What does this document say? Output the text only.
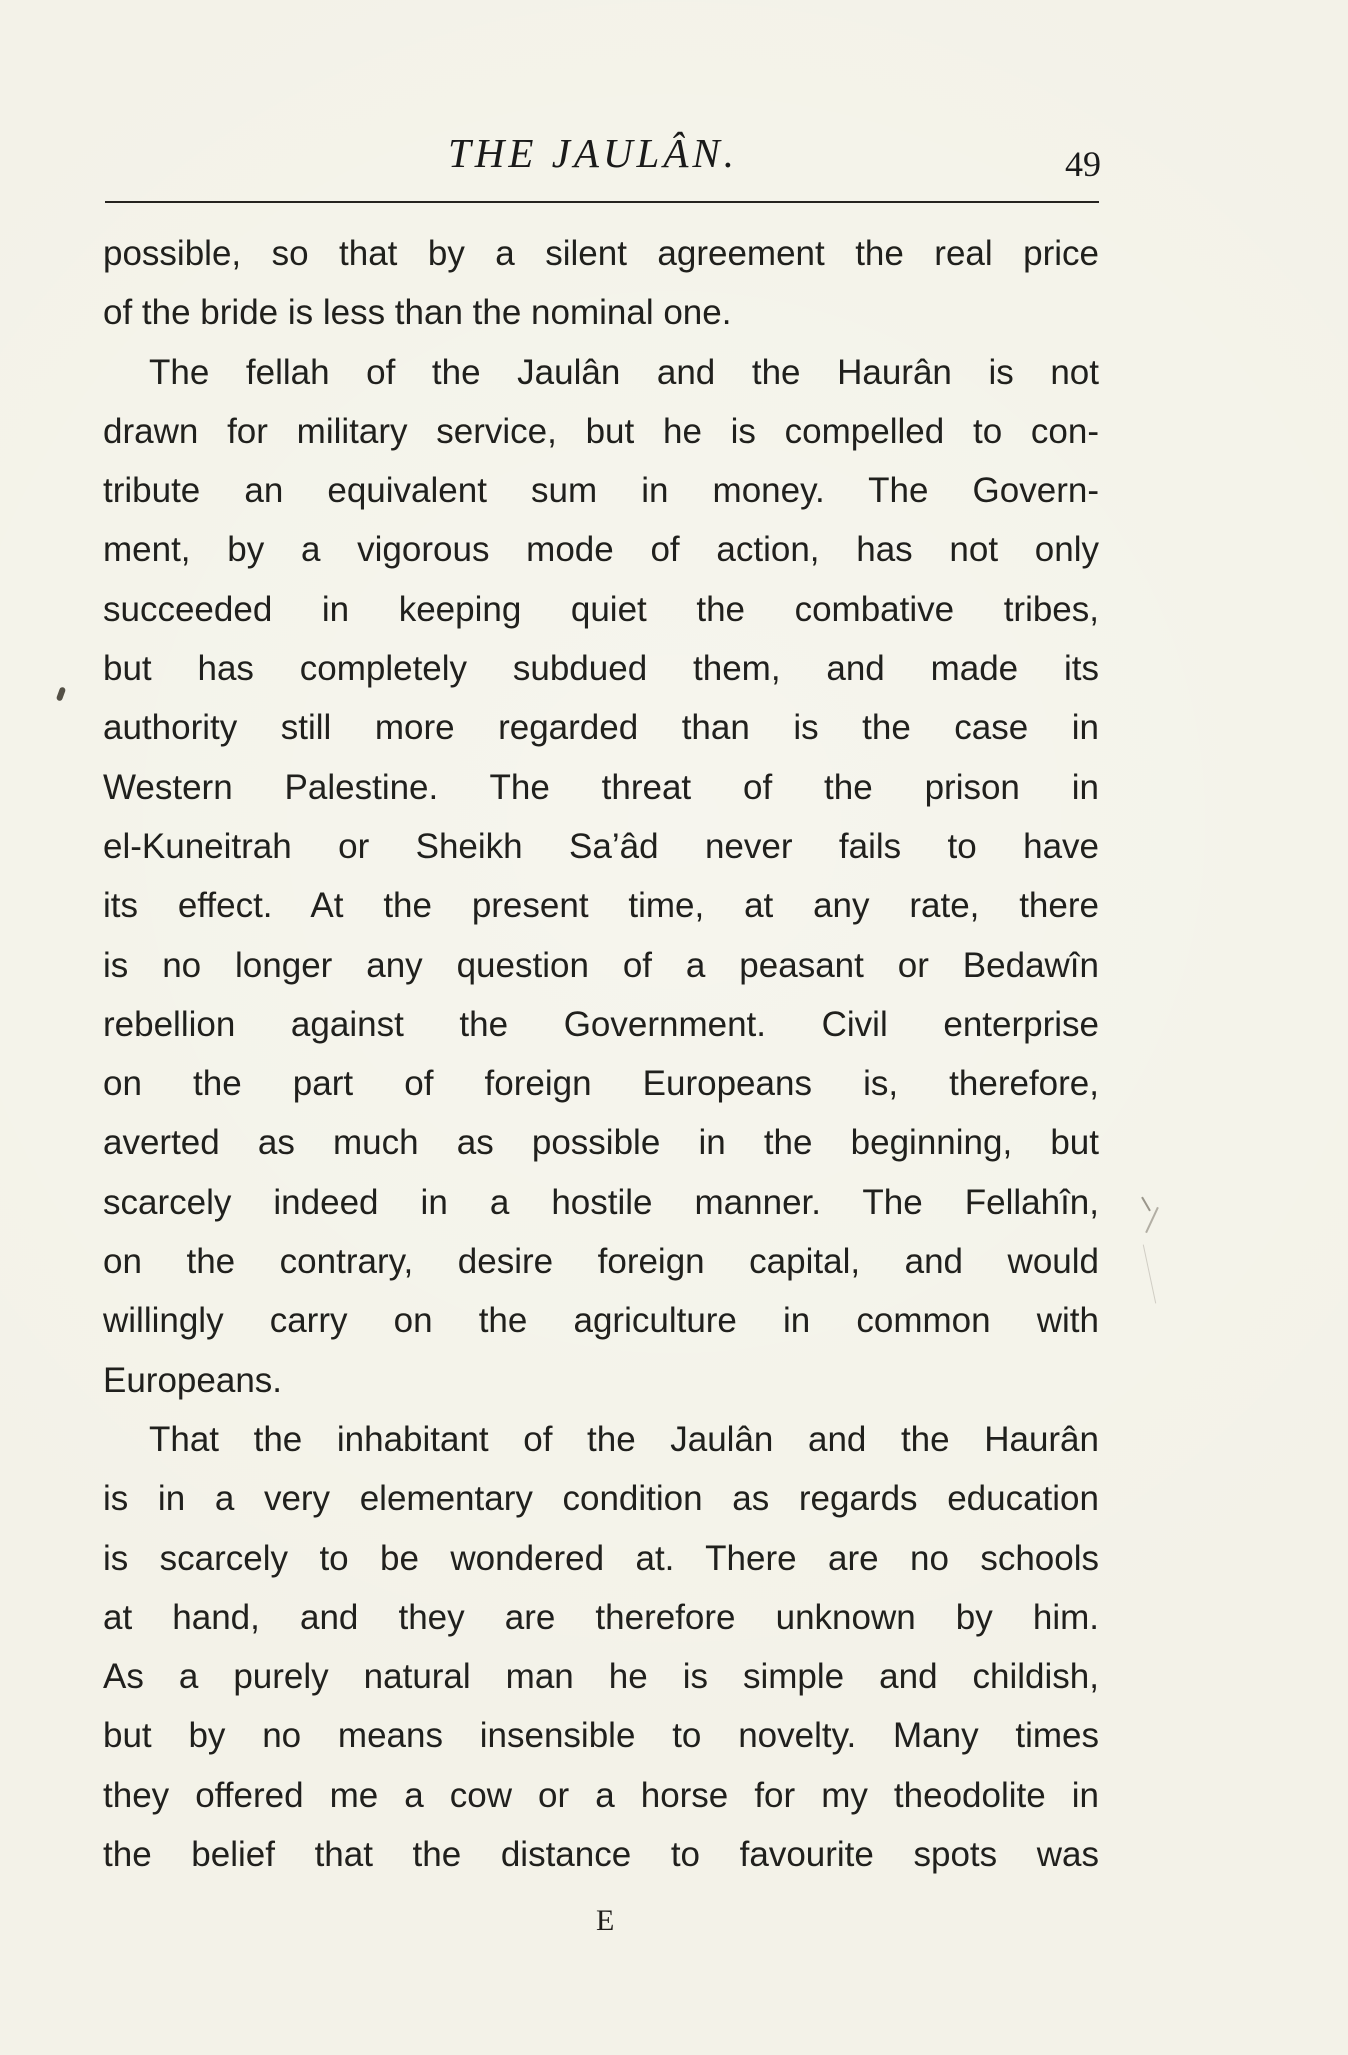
THE JAULÂN.	49
possible, so that by a silent agreement the real price
of the bride is less than the nominal one.
The fellah of the Jaulân and the Haurân is not
drawn for military service, but he is compelled to con-
tribute an equivalent sum in money. The Govern-
ment, by a vigorous mode of action, has not only
succeeded in keeping quiet the combative tribes,
but has completely subdued them, and made its
authority still more regarded than is the case in
Western Palestine. The threat of the prison in
el-Kuneitrah or Sheikh Sa’âd never fails to have
its effect. At the present time, at any rate, there
is no longer any question of a peasant or Bedawîn
rebellion against the Government. Civil enterprise
on the part of foreign Europeans is, therefore,
averted as much as possible in the beginning, but
scarcely indeed in a hostile manner. The Fellahîn,
on the contrary, desire foreign capital, and would
willingly carry on the agriculture in common with
Europeans.
That the inhabitant of the Jaulân and the Haurân
is in a very elementary condition as regards education
is scarcely to be wondered at. There are no schools
at hand, and they are therefore unknown by him.
As a purely natural man he is simple and childish,
but by no means insensible to novelty. Many times
they offered me a cow or a horse for my theodolite in
the belief that the distance to favourite spots was
E
